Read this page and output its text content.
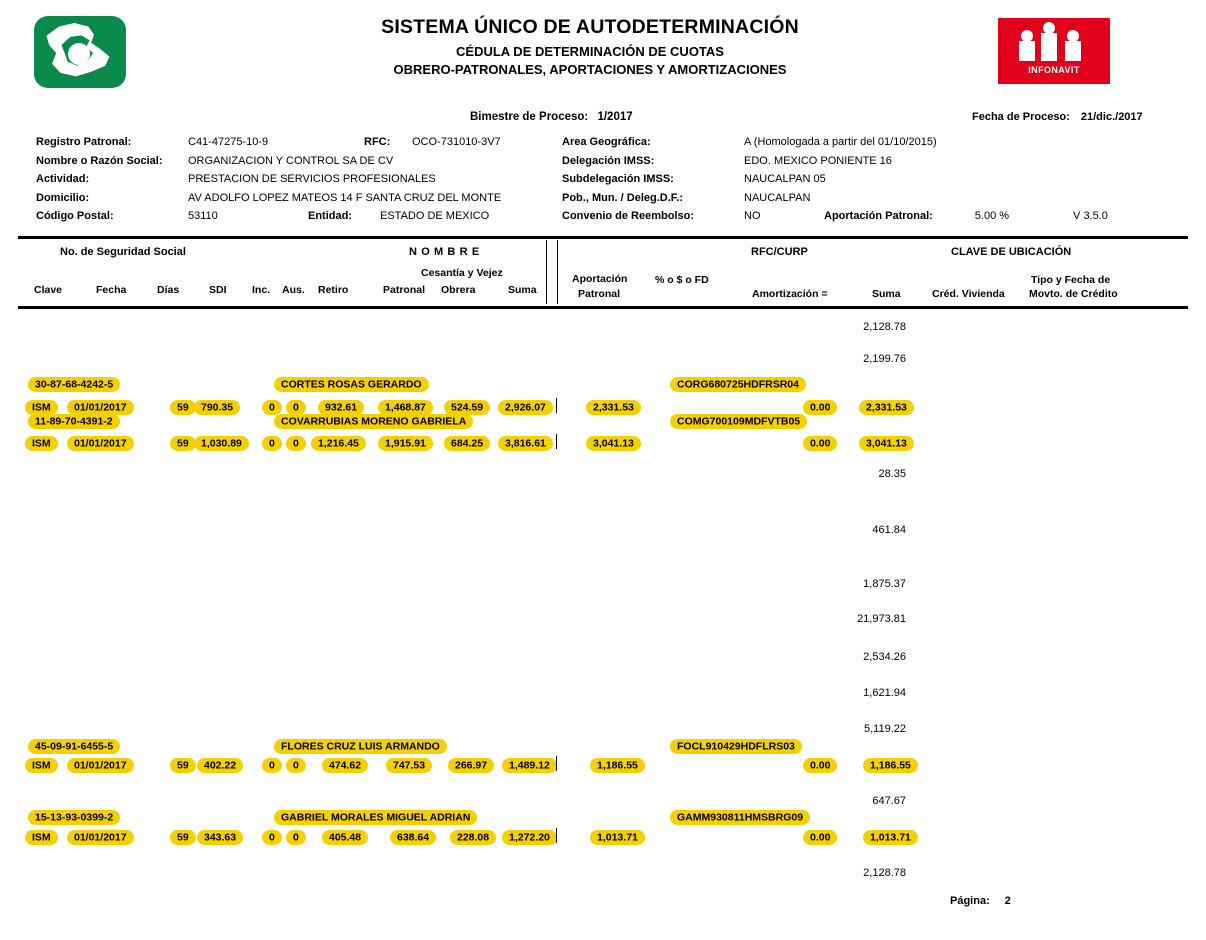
SISTEMA ÚNICO DE AUTODETERMINACIÓN
CÉDULA DE DETERMINACIÓN DE CUOTAS
OBRERO-PATRONALES, APORTACIONES Y AMORTIZACIONES	INFONAVIT
Bimestre de Proceso: 1/2017	Fecha de Proceso: 21/dic./2017
Registro Patronal:	C41-47275-10-9	RFC:	OCO-731010-3V7
Nombre o Razón Social:	ORGANIZACION Y CONTROL SA DE CV
Actividad:	PRESTACION DE SERVICIOS PROFESIONALES
Domicilio:	AV ADOLFO LOPEZ MATEOS 14 F SANTA CRUZ DEL MONTE
Código Postal:	53110	Entidad:	ESTADO DE MEXICO
Area Geográfica:	A (Homologada a partir del 01/10/2015)
Delegación IMSS:	EDO. MEXICO PONIENTE 16
Subdelegación IMSS:	NAUCALPAN 05
Pob., Mun. / Deleg.D.F.:	NAUCALPAN
Convenio de Reembolso:	NO	Aportación Patronal:	5.00 %	V 3.5.0
No. de Seguridad Social	N O M B R E	RFC/CURP	CLAVE DE UBICACIÓN
Cesantía y Vejez
Clave	Fecha	Días	SDI Inc. Aus. Retiro	Patronal Obrera	Suma
Aportación
Patronal
% o $ o FD
Amortización =	Suma	Créd. Vivienda
Tipo y Fecha de
Movto. de Crédito
2,128.78
2,199.76
28.35
461.84
1,875.37
21,973.81
2,534.26
1,621.94
5,119.22
647.67
2,128.78
30-87-68-4242-5	CORTES ROSAS GERARDO	CORG680725HDFRSR04
ISM	01/01/2017	59	790.35	0	0	932.61	1,468.87	524.59	2,926.07	2,331.53	0.00	2,331.53
11-89-70-4391-2	COVARRUBIAS MORENO GABRIELA	COMG700109MDFVTB05
ISM	01/01/2017	59	1,030.89	0	0	1,216.45	1,915.91	684.25	3,816.61	3,041.13	0.00	3,041.13
45-09-91-6455-5	FLORES CRUZ LUIS ARMANDO	FOCL910429HDFLRS03
ISM	01/01/2017	59	402.22	0	0	474.62	747.53	266.97	1,489.12	1,186.55	0.00	1,186.55
15-13-93-0399-2	GABRIEL MORALES MIGUEL ADRIAN	GAMM930811HMSBRG09
ISM	01/01/2017	59	343.63	0	0	405.48	638.64	228.08	1,272.20	1,013.71	0.00	1,013.71
Página: 2
